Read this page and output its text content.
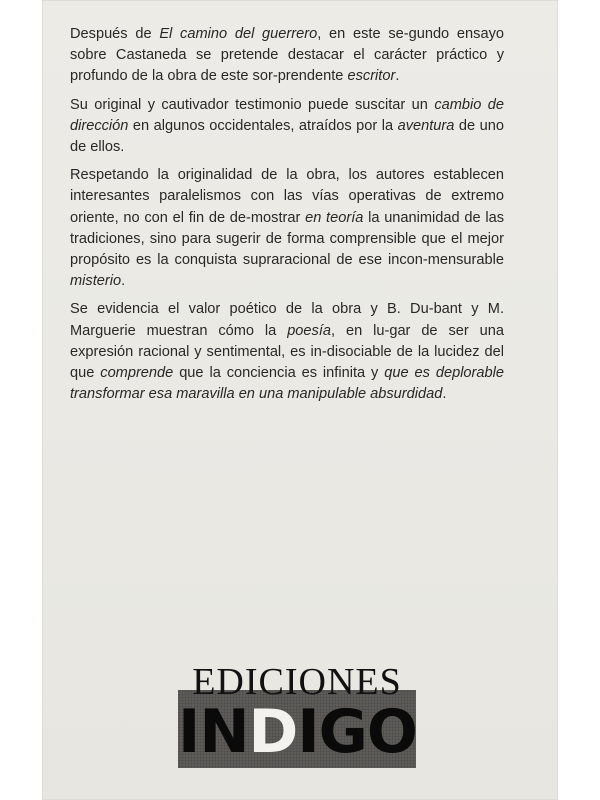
Después de El camino del guerrero, en este se-gundo ensayo sobre Castaneda se pretende destacar el carácter práctico y profundo de la obra de este sor-prendente escritor.

Su original y cautivador testimonio puede suscitar un cambio de dirección en algunos occidentales, atraídos por la aventura de uno de ellos.

Respetando la originalidad de la obra, los autores establecen interesantes paralelismos con las vías operativas de extremo oriente, no con el fin de de-mostrar en teoría la unanimidad de las tradiciones, sino para sugerir de forma comprensible que el mejor propósito es la conquista supraracional de ese incon-mensurable misterio.

Se evidencia el valor poético de la obra y B. Du-bant y M. Marguerie muestran cómo la poesía, en lu-gar de ser una expresión racional y sentimental, es in-disociable de la lucidez del que comprende que la conciencia es infinita y que es deplorable transformar esa maravilla en una manipulable absurdidad.

EDICIONES
INDIGO
